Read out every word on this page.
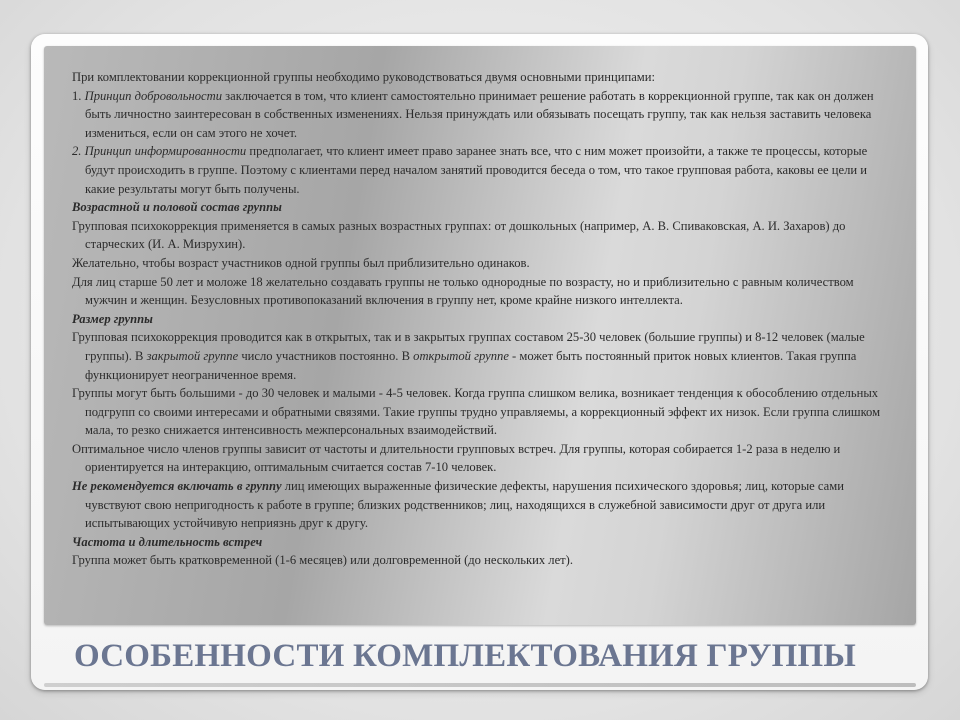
При комплектовании коррекционной группы необходимо руководствоваться двумя основными принципами:

1. Принцип добровольности заключается в том, что клиент самостоятельно принимает решение работать в коррекционной группе, так как он должен быть личностно заинтересован в собственных изменениях. Нельзя принуждать или обязывать посещать группу, так как нельзя заставить человека измениться, если он сам этого не хочет.

2. Принцип информированности предполагает, что клиент имеет право заранее знать все, что с ним может произойти, а также те процессы, которые будут происходить в группе. Поэтому с клиентами перед началом занятий проводится беседа о том, что такое групповая работа, каковы ее цели и какие результаты могут быть получены.

Возрастной и половой состав группы

Групповая психокоррекция применяется в самых разных возрастных группах: от дошкольных (например, А. В. Спиваковская, А. И. Захаров) до старческих (И. А. Мизрухин).

Желательно, чтобы возраст участников одной группы был приблизительно одинаков.

Для лиц старше 50 лет и моложе 18 желательно создавать группы не только однородные по возрасту, но и приблизительно с равным количеством мужчин и женщин. Безусловных противопоказаний включения в группу нет, кроме крайне низкого интеллекта.

Размер группы

Групповая психокоррекция проводится как в открытых, так и в закрытых группах составом 25-30 человек (большие группы) и 8-12 человек (малые группы). В закрытой группе число участников постоянно. В открытой группе - может быть постоянный приток новых клиентов. Такая группа функционирует неограниченное время.

Группы могут быть большими - до 30 человек и малыми - 4-5 человек. Когда группа слишком велика, возникает тенденция к обособлению отдельных подгрупп со своими интересами и обратными связями. Такие группы трудно управляемы, а коррекционный эффект их низок. Если группа слишком мала, то резко снижается интенсивность межперсональных взаимодействий.

Оптимальное число членов группы зависит от частоты и длительности групповых встреч. Для группы, которая собирается 1-2 раза в неделю и ориентируется на интеракцию, оптимальным считается состав 7-10 человек.

Не рекомендуется включать в группу лиц имеющих выраженные физические дефекты, нарушения психического здоровья; лиц, которые сами чувствуют свою непригодность к работе в группе; близких родственников; лиц, находящихся в служебной зависимости друг от друга или испытывающих устойчивую неприязнь друг к другу.

Частота и длительность встреч

Группа может быть кратковременной (1-6 месяцев) или долговременной (до нескольких лет).

ОСОБЕННОСТИ КОМПЛЕКТОВАНИЯ ГРУППЫ
